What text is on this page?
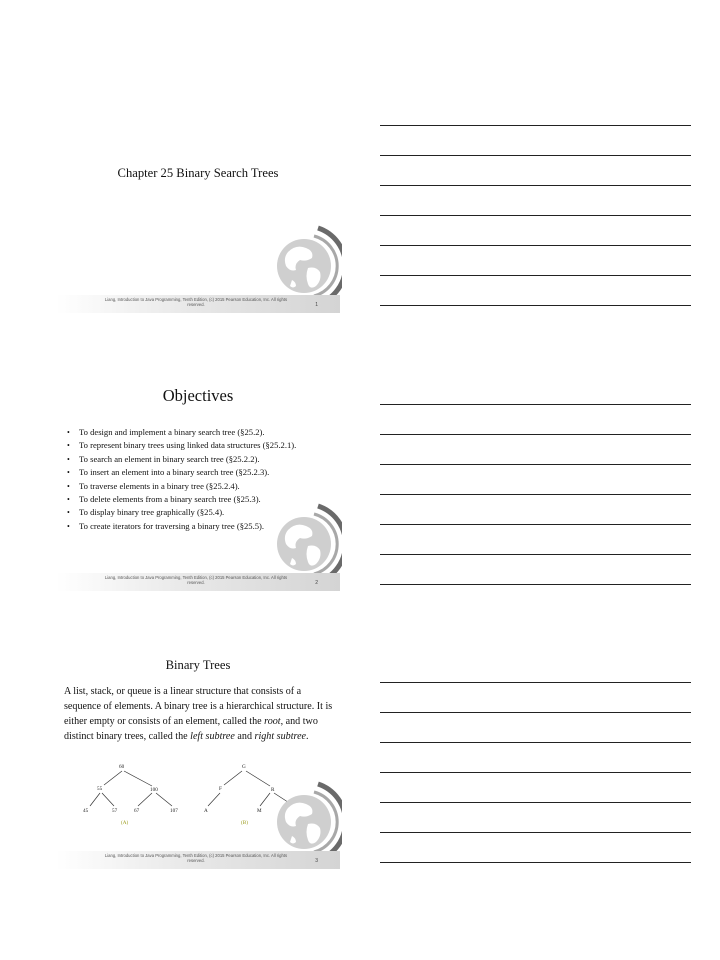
Chapter 25 Binary Search Trees
Liang, Introduction to Java Programming, Tenth Edition, (c) 2015 Pearson Education, Inc. All rights reserved.	1
Objectives
• To design and implement a binary search tree (§25.2).
• To represent binary trees using linked data structures (§25.2.1).
• To search an element in binary search tree (§25.2.2).
• To insert an element into a binary search tree (§25.2.3).
• To traverse elements in a binary tree (§25.2.4).
• To delete elements from a binary search tree (§25.3).
• To display binary tree graphically (§25.4).
• To create iterators for traversing a binary tree (§25.5).
Liang, Introduction to Java Programming, Tenth Edition, (c) 2015 Pearson Education, Inc. All rights reserved.	2
Binary Trees
A list, stack, or queue is a linear structure that consists of a sequence of elements. A binary tree is a hierarchical structure. It is either empty or consists of an element, called the root, and two distinct binary trees, called the left subtree and right subtree.
60
55	100
45	57	67	107
(A)
G
F	R
A	M
(B)
Liang, Introduction to Java Programming, Tenth Edition, (c) 2015 Pearson Education, Inc. All rights reserved.	3
